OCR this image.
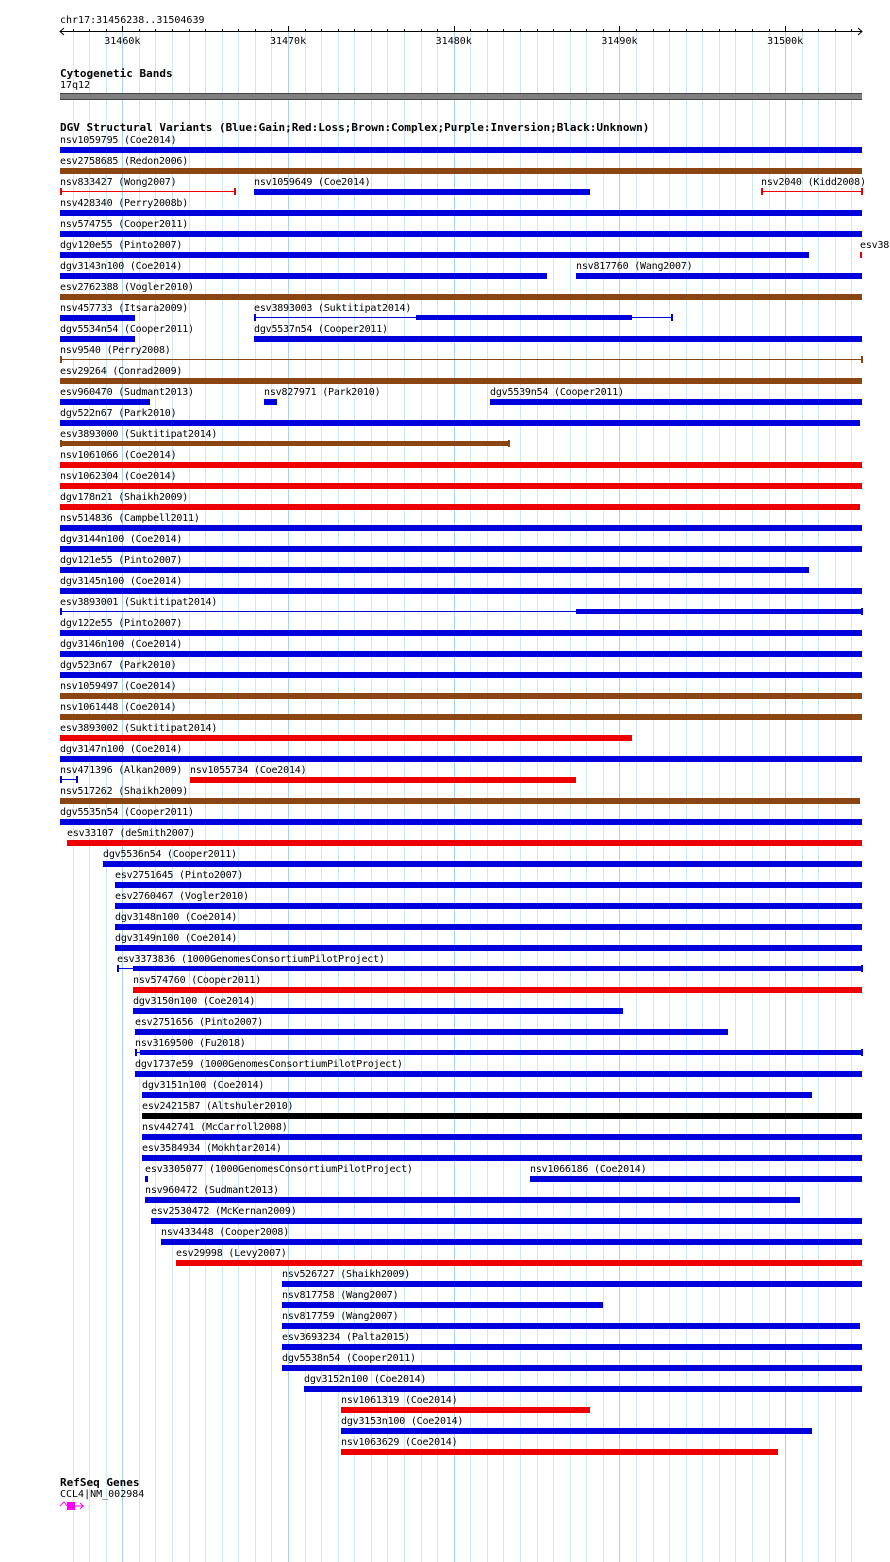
chr17:31456238..31504639
31460k	31470k	31480k	31490k	31500k
Cytogenetic Bands
17q12
DGV Structural Variants (Blue:Gain;Red:Loss;Brown:Complex;Purple:Inversion;Black:Unknown)
nsv1059795 (Coe2014)
esv2758685 (Redon2006)
nsv833427 (Wong2007)	nsv1059649 (Coe2014)	nsv2040 (Kidd2008)
nsv428340 (Perry2008b)
nsv574755 (Cooper2011)
dgv120e55 (Pinto2007)	esv38
dgv3143n100 (Coe2014)	nsv817760 (Wang2007)
esv2762388 (Vogler2010)
nsv457733 (Itsara2009)	esv3893003 (Suktitipat2014)
dgv5534n54 (Cooper2011)	dgv5537n54 (Cooper2011)
nsv9540 (Perry2008)
esv29264 (Conrad2009)
esv960470 (Sudmant2013)	nsv827971 (Park2010)	dgv5539n54 (Cooper2011)
dgv522n67 (Park2010)
esv3893000 (Suktitipat2014)
nsv1061066 (Coe2014)
nsv1062304 (Coe2014)
dgv178n21 (Shaikh2009)
nsv514836 (Campbell2011)
dgv3144n100 (Coe2014)
dgv121e55 (Pinto2007)
dgv3145n100 (Coe2014)
esv3893001 (Suktitipat2014)
dgv122e55 (Pinto2007)
dgv3146n100 (Coe2014)
dgv523n67 (Park2010)
nsv1059497 (Coe2014)
nsv1061448 (Coe2014)
esv3893002 (Suktitipat2014)
dgv3147n100 (Coe2014)
nsv471396 (Alkan2009) nsv1055734 (Coe2014)
nsv517262 (Shaikh2009)
dgv5535n54 (Cooper2011)
esv33107 (deSmith2007)
dgv5536n54 (Cooper2011)
esv2751645 (Pinto2007)
esv2760467 (Vogler2010)
dgv3148n100 (Coe2014)
dgv3149n100 (Coe2014)
esv3373836 (1000GenomesConsortiumPilotProject)
nsv574760 (Cooper2011)
dgv3150n100 (Coe2014)
esv2751656 (Pinto2007)
nsv3169500 (Fu2018)
dgv1737e59 (1000GenomesConsortiumPilotProject)
dgv3151n100 (Coe2014)
esv2421587 (Altshuler2010)
nsv442741 (McCarroll2008)
esv3584934 (Mokhtar2014)
esv3305077 (1000GenomesConsortiumPilotProject)	nsv1066186 (Coe2014)
nsv960472 (Sudmant2013)
esv2530472 (McKernan2009)
nsv433448 (Cooper2008)
esv29998 (Levy2007)
nsv526727 (Shaikh2009)
nsv817758 (Wang2007)
nsv817759 (Wang2007)
esv3693234 (Palta2015)
dgv5538n54 (Cooper2011)
dgv3152n100 (Coe2014)
nsv1061319 (Coe2014)
dgv3153n100 (Coe2014)
nsv1063629 (Coe2014)
RefSeq Genes
CCL4|NM_002984
